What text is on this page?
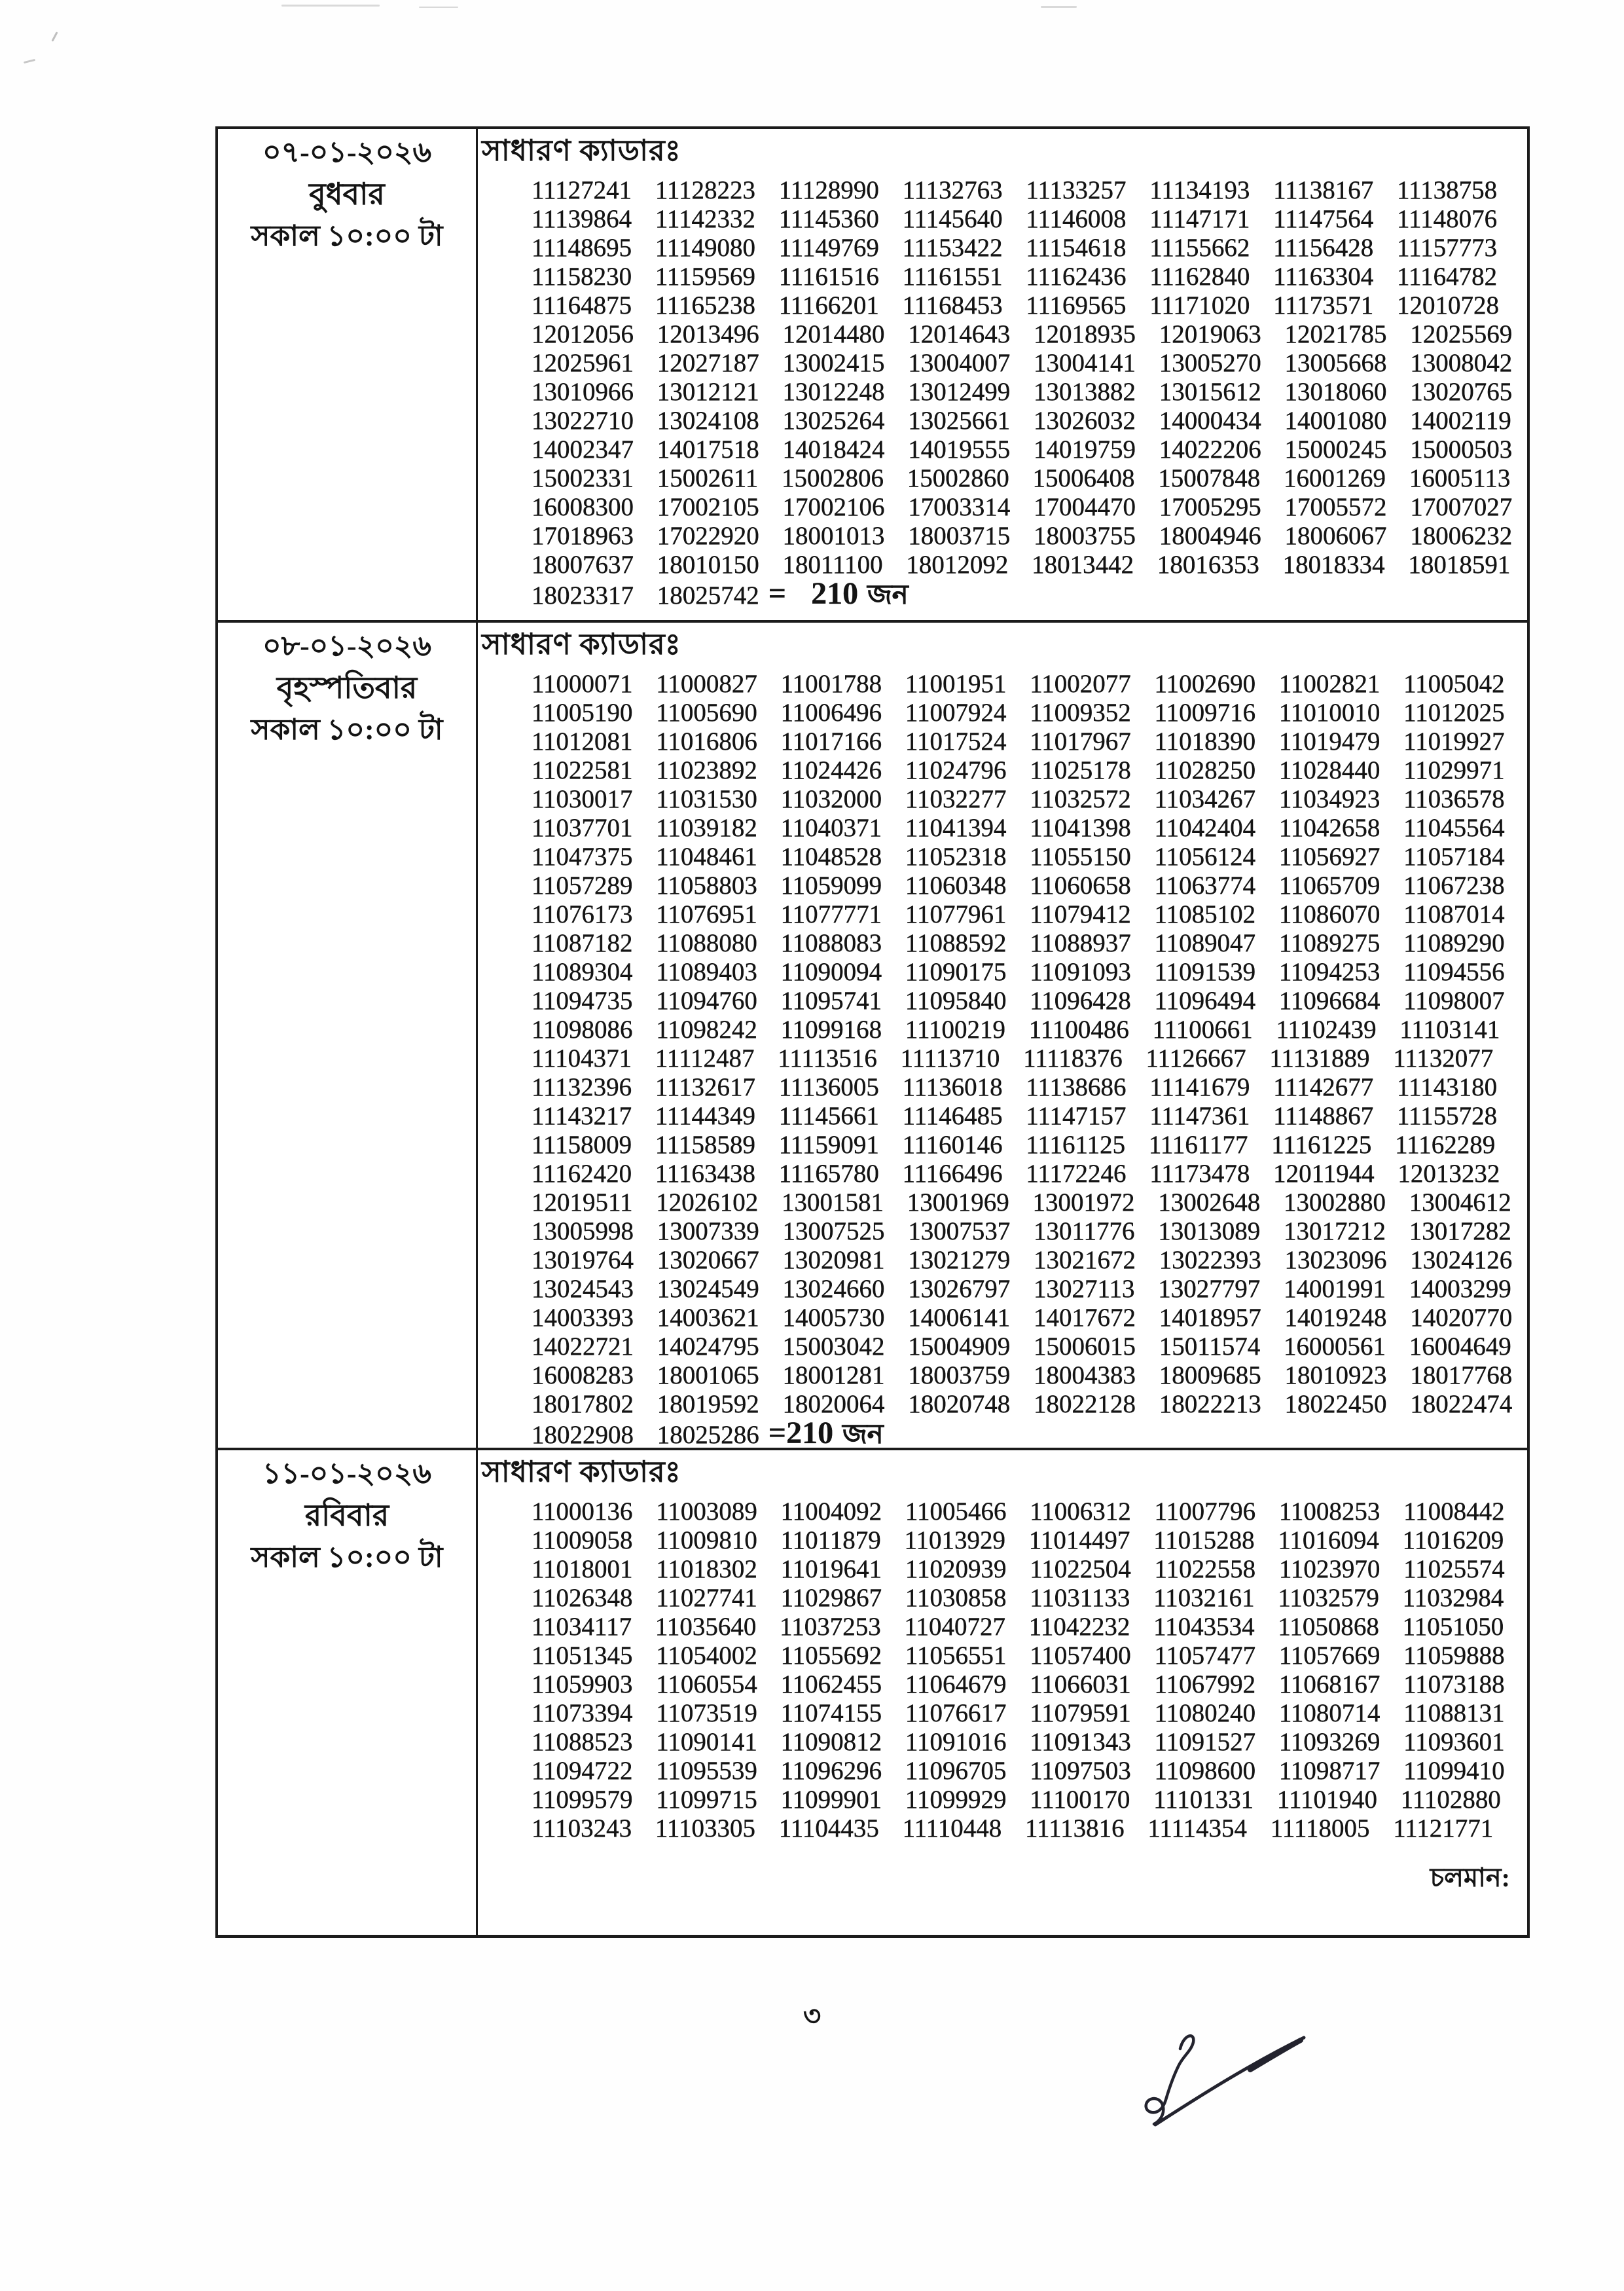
০৭-০১-২০২৬
বুধবার
সকাল ১০:০০ টা
সাধারণ ক্যাডারঃ
11127241 11128223 11128990 11132763 11133257 11134193 11138167 11138758
11139864 11142332 11145360 11145640 11146008 11147171 11147564 11148076
11148695 11149080 11149769 11153422 11154618 11155662 11156428 11157773
11158230 11159569 11161516 11161551 11162436 11162840 11163304 11164782
11164875 11165238 11166201 11168453 11169565 11171020 11173571 12010728
12012056 12013496 12014480 12014643 12018935 12019063 12021785 12025569
12025961 12027187 13002415 13004007 13004141 13005270 13005668 13008042
13010966 13012121 13012248 13012499 13013882 13015612 13018060 13020765
13022710 13024108 13025264 13025661 13026032 14000434 14001080 14002119
14002347 14017518 14018424 14019555 14019759 14022206 15000245 15000503
15002331 15002611 15002806 15002860 15006408 15007848 16001269 16005113
16008300 17002105 17002106 17003314 17004470 17005295 17005572 17007027
17018963 17022920 18001013 18003715 18003755 18004946 18006067 18006232
18007637 18010150 18011100 18012092 18013442 18016353 18018334 18018591
18023317 18025742 = 210 জন
০৮-০১-২০২৬
বৃহস্পতিবার
সকাল ১০:০০ টা
সাধারণ ক্যাডারঃ
11000071 11000827 11001788 11001951 11002077 11002690 11002821 11005042
11005190 11005690 11006496 11007924 11009352 11009716 11010010 11012025
11012081 11016806 11017166 11017524 11017967 11018390 11019479 11019927
11022581 11023892 11024426 11024796 11025178 11028250 11028440 11029971
11030017 11031530 11032000 11032277 11032572 11034267 11034923 11036578
11037701 11039182 11040371 11041394 11041398 11042404 11042658 11045564
11047375 11048461 11048528 11052318 11055150 11056124 11056927 11057184
11057289 11058803 11059099 11060348 11060658 11063774 11065709 11067238
11076173 11076951 11077771 11077961 11079412 11085102 11086070 11087014
11087182 11088080 11088083 11088592 11088937 11089047 11089275 11089290
11089304 11089403 11090094 11090175 11091093 11091539 11094253 11094556
11094735 11094760 11095741 11095840 11096428 11096494 11096684 11098007
11098086 11098242 11099168 11100219 11100486 11100661 11102439 11103141
11104371 11112487 11113516 11113710 11118376 11126667 11131889 11132077
11132396 11132617 11136005 11136018 11138686 11141679 11142677 11143180
11143217 11144349 11145661 11146485 11147157 11147361 11148867 11155728
11158009 11158589 11159091 11160146 11161125 11161177 11161225 11162289
11162420 11163438 11165780 11166496 11172246 11173478 12011944 12013232
12019511 12026102 13001581 13001969 13001972 13002648 13002880 13004612
13005998 13007339 13007525 13007537 13011776 13013089 13017212 13017282
13019764 13020667 13020981 13021279 13021672 13022393 13023096 13024126
13024543 13024549 13024660 13026797 13027113 13027797 14001991 14003299
14003393 14003621 14005730 14006141 14017672 14018957 14019248 14020770
14022721 14024795 15003042 15004909 15006015 15011574 16000561 16004649
16008283 18001065 18001281 18003759 18004383 18009685 18010923 18017768
18017802 18019592 18020064 18020748 18022128 18022213 18022450 18022474
18022908 18025286 =210 জন
১১-০১-২০২৬
রবিবার
সকাল ১০:০০ টা
সাধারণ ক্যাডারঃ
11000136 11003089 11004092 11005466 11006312 11007796 11008253 11008442
11009058 11009810 11011879 11013929 11014497 11015288 11016094 11016209
11018001 11018302 11019641 11020939 11022504 11022558 11023970 11025574
11026348 11027741 11029867 11030858 11031133 11032161 11032579 11032984
11034117 11035640 11037253 11040727 11042232 11043534 11050868 11051050
11051345 11054002 11055692 11056551 11057400 11057477 11057669 11059888
11059903 11060554 11062455 11064679 11066031 11067992 11068167 11073188
11073394 11073519 11074155 11076617 11079591 11080240 11080714 11088131
11088523 11090141 11090812 11091016 11091343 11091527 11093269 11093601
11094722 11095539 11096296 11096705 11097503 11098600 11098717 11099410
11099579 11099715 11099901 11099929 11100170 11101331 11101940 11102880
11103243 11103305 11104435 11110448 11113816 11114354 11118005 11121771
চলমান:
৩
